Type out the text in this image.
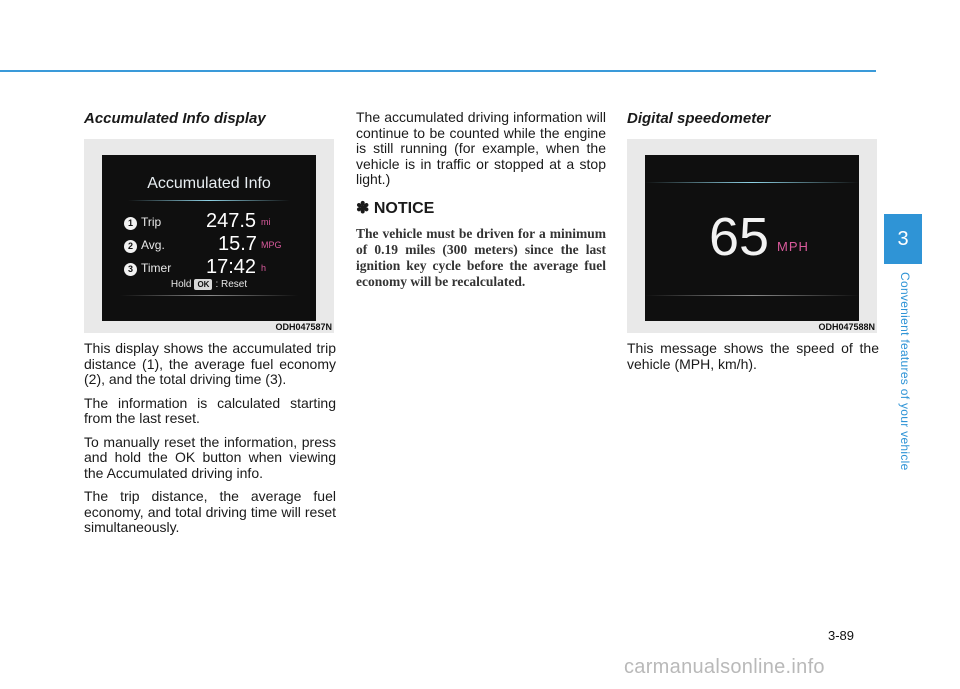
Accumulated Info display
Accumulated Info
1 Trip 247.5 mi
2 Avg.	15.7 MPG
3 Timer 17:42 h
Hold OK : Reset
ODH047587N

This display shows the accumulated trip distance (1), the average fuel economy (2), and the total driving time (3).

The information is calculated starting from the last reset.

To manually reset the information, press and hold the OK button when viewing the Accumulated driving info.

The trip distance, the average fuel economy, and total driving time will reset simultaneously.

The accumulated driving information will continue to be counted while the engine is still running (for example, when the vehicle is in traffic or stopped at a stop light.)

✽ NOTICE
The vehicle must be driven for a minimum of 0.19 miles (300 meters) since the last ignition key cycle before the average fuel economy will be recalculated.
Digital speedometer
65 MPH
ODH047588N

This message shows the speed of the vehicle (MPH, km/h).

3
Convenient features of your vehicle
3-89
carmanualsonline.info
